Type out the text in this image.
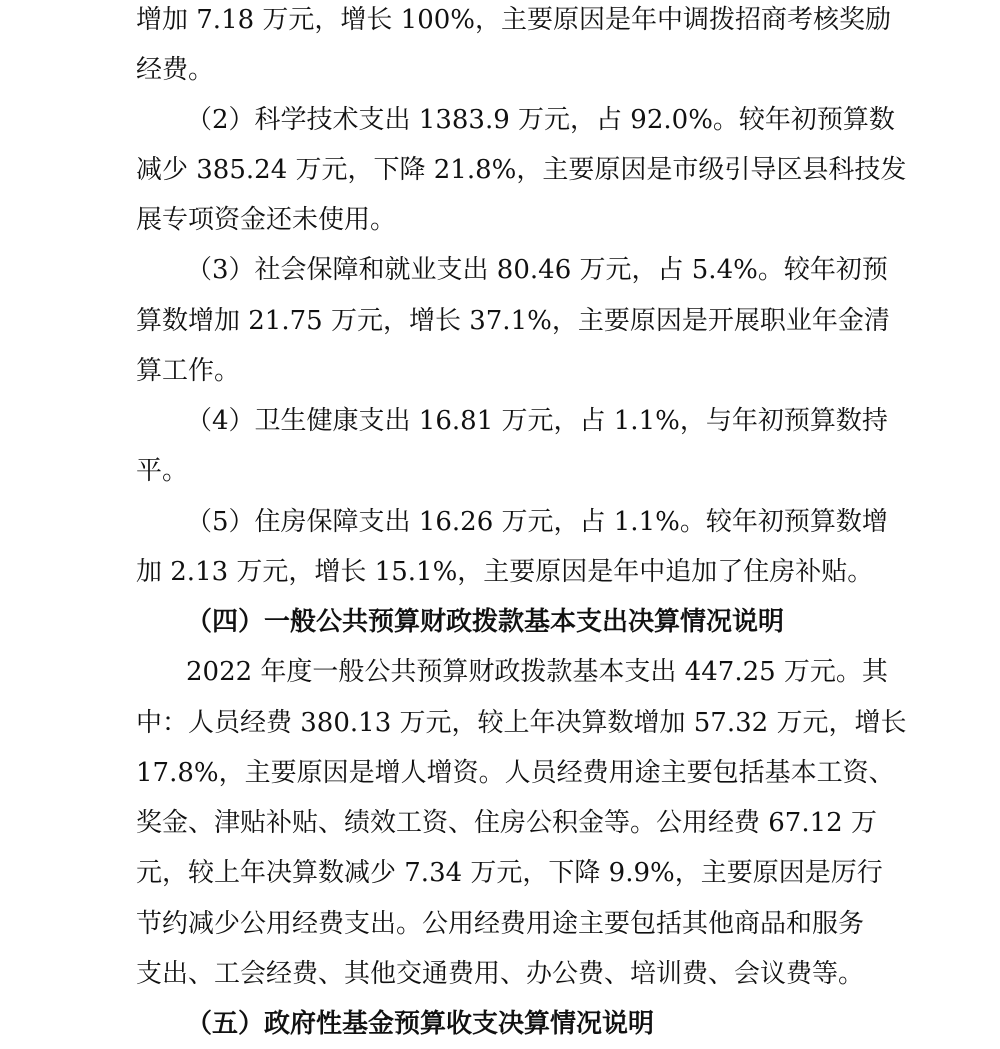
增加 7.18 万元，增长 100%，主要原因是年中调拨招商考核奖励
经费。
（2）科学技术支出 1383.9 万元，占 92.0%。较年初预算数
减少 385.24 万元，下降 21.8%，主要原因是市级引导区县科技发
展专项资金还未使用。
（3）社会保障和就业支出 80.46 万元，占 5.4%。较年初预
算数增加 21.75 万元，增长 37.1%，主要原因是开展职业年金清
算工作。
（4）卫生健康支出 16.81 万元，占 1.1%，与年初预算数持
平。
（5）住房保障支出 16.26 万元，占 1.1%。较年初预算数增
加 2.13 万元，增长 15.1%，主要原因是年中追加了住房补贴。
（四）一般公共预算财政拨款基本支出决算情况说明
2022 年度一般公共预算财政拨款基本支出 447.25 万元。其
中：人员经费 380.13 万元，较上年决算数增加 57.32 万元，增长
17.8%，主要原因是增人增资。人员经费用途主要包括基本工资、
奖金、津贴补贴、绩效工资、住房公积金等。公用经费 67.12 万
元，较上年决算数减少 7.34 万元，下降 9.9%，主要原因是厉行
节约减少公用经费支出。公用经费用途主要包括其他商品和服务
支出、工会经费、其他交通费用、办公费、培训费、会议费等。
（五）政府性基金预算收支决算情况说明
